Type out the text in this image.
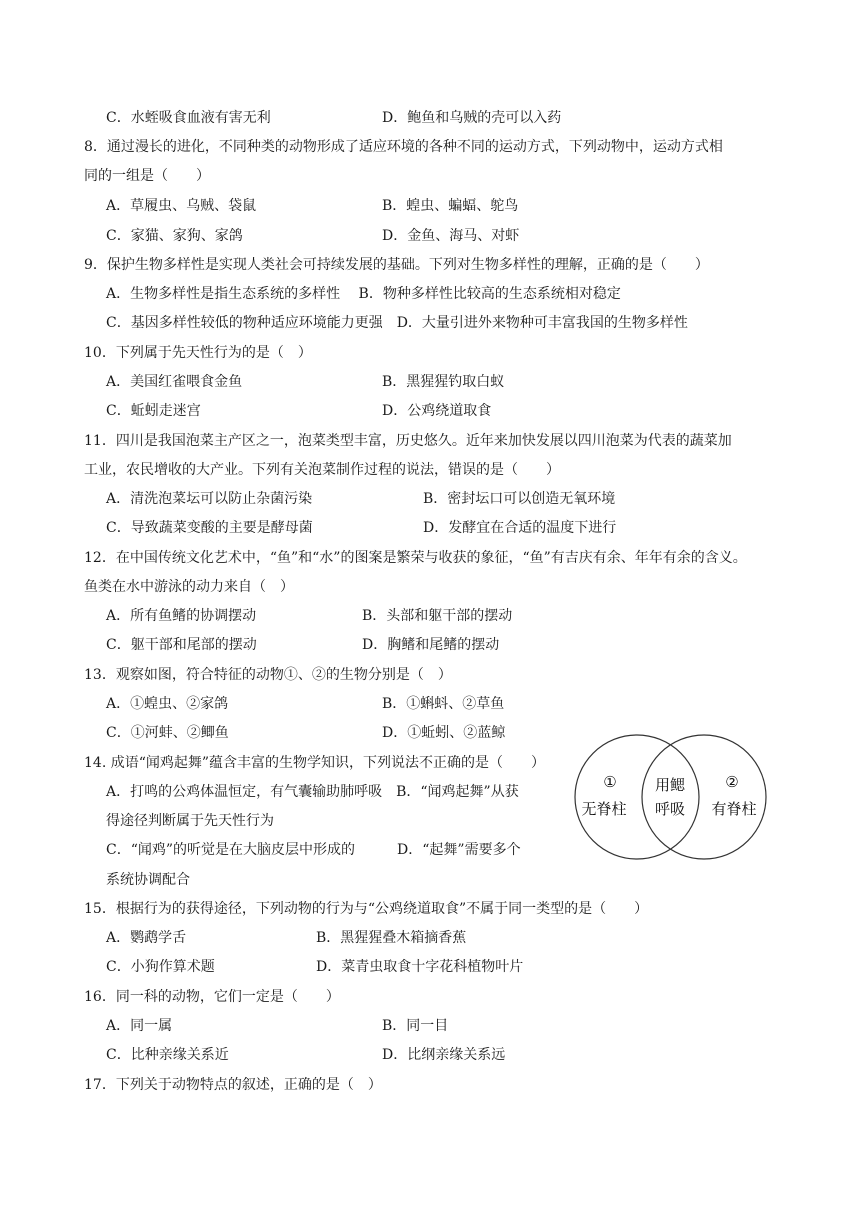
C．水蛭吸食血液有害无利	D．鲍鱼和乌贼的壳可以入药
8．通过漫长的进化，不同种类的动物形成了适应环境的各种不同的运动方式，下列动物中，运动方式相
同的一组是（　　）
A．草履虫、乌贼、袋鼠	B．蝗虫、蝙蝠、鸵鸟
C．家猫、家狗、家鸽	D．金鱼、海马、对虾
9．保护生物多样性是实现人类社会可持续发展的基础。下列对生物多样性的理解，正确的是（　　）
A．生物多样性是指生态系统的多样性　 B．物种多样性比较高的生态系统相对稳定
C．基因多样性较低的物种适应环境能力更强　D．大量引进外来物种可丰富我国的生物多样性
10．下列属于先天性行为的是（　）
A．美国红雀喂食金鱼	B．黑猩猩钓取白蚁
C．蚯蚓走迷宫	D．公鸡绕道取食
11．四川是我国泡菜主产区之一，泡菜类型丰富，历史悠久。近年来加快发展以四川泡菜为代表的蔬菜加
工业，农民增收的大产业。下列有关泡菜制作过程的说法，错误的是（　　）
A．清洗泡菜坛可以防止杂菌污染	B．密封坛口可以创造无氧环境
C．导致蔬菜变酸的主要是酵母菌	D．发酵宜在合适的温度下进行
12．在中国传统文化艺术中，“鱼”和“水”的图案是繁荣与收获的象征，“鱼”有吉庆有余、年年有余的含义。
鱼类在水中游泳的动力来自（　）
A．所有鱼鳍的协调摆动	B．头部和躯干部的摆动
C．躯干部和尾部的摆动	D．胸鳍和尾鳍的摆动
13．观察如图，符合特征的动物①、②的生物分别是（　）
A．①蝗虫、②家鸽	B．①蝌蚪、②草鱼
C．①河蚌、②鲫鱼	D．①蚯蚓、②蓝鲸
14. 成语“闻鸡起舞”蕴含丰富的生物学知识，下列说法不正确的是（　　）
A．打鸣的公鸡体温恒定，有气囊输助肺呼吸　B．“闻鸡起舞”从获
得途径判断属于先天性行为
C．“闻鸡”的听觉是在大脑皮层中形成的　　　D．“起舞”需要多个
系统协调配合
15．根据行为的获得途径，下列动物的行为与“公鸡绕道取食”不属于同一类型的是（　　）
A．鹦鹉学舌	B．黑猩猩叠木箱摘香蕉
C．小狗作算术题	D．菜青虫取食十字花科植物叶片
16．同一科的动物，它们一定是（　　）
A．同一属	B．同一目
C．比种亲缘关系近	D．比纲亲缘关系远
17．下列关于动物特点的叙述，正确的是（　）
①
无脊柱
用鳃
呼吸
②
有脊柱
